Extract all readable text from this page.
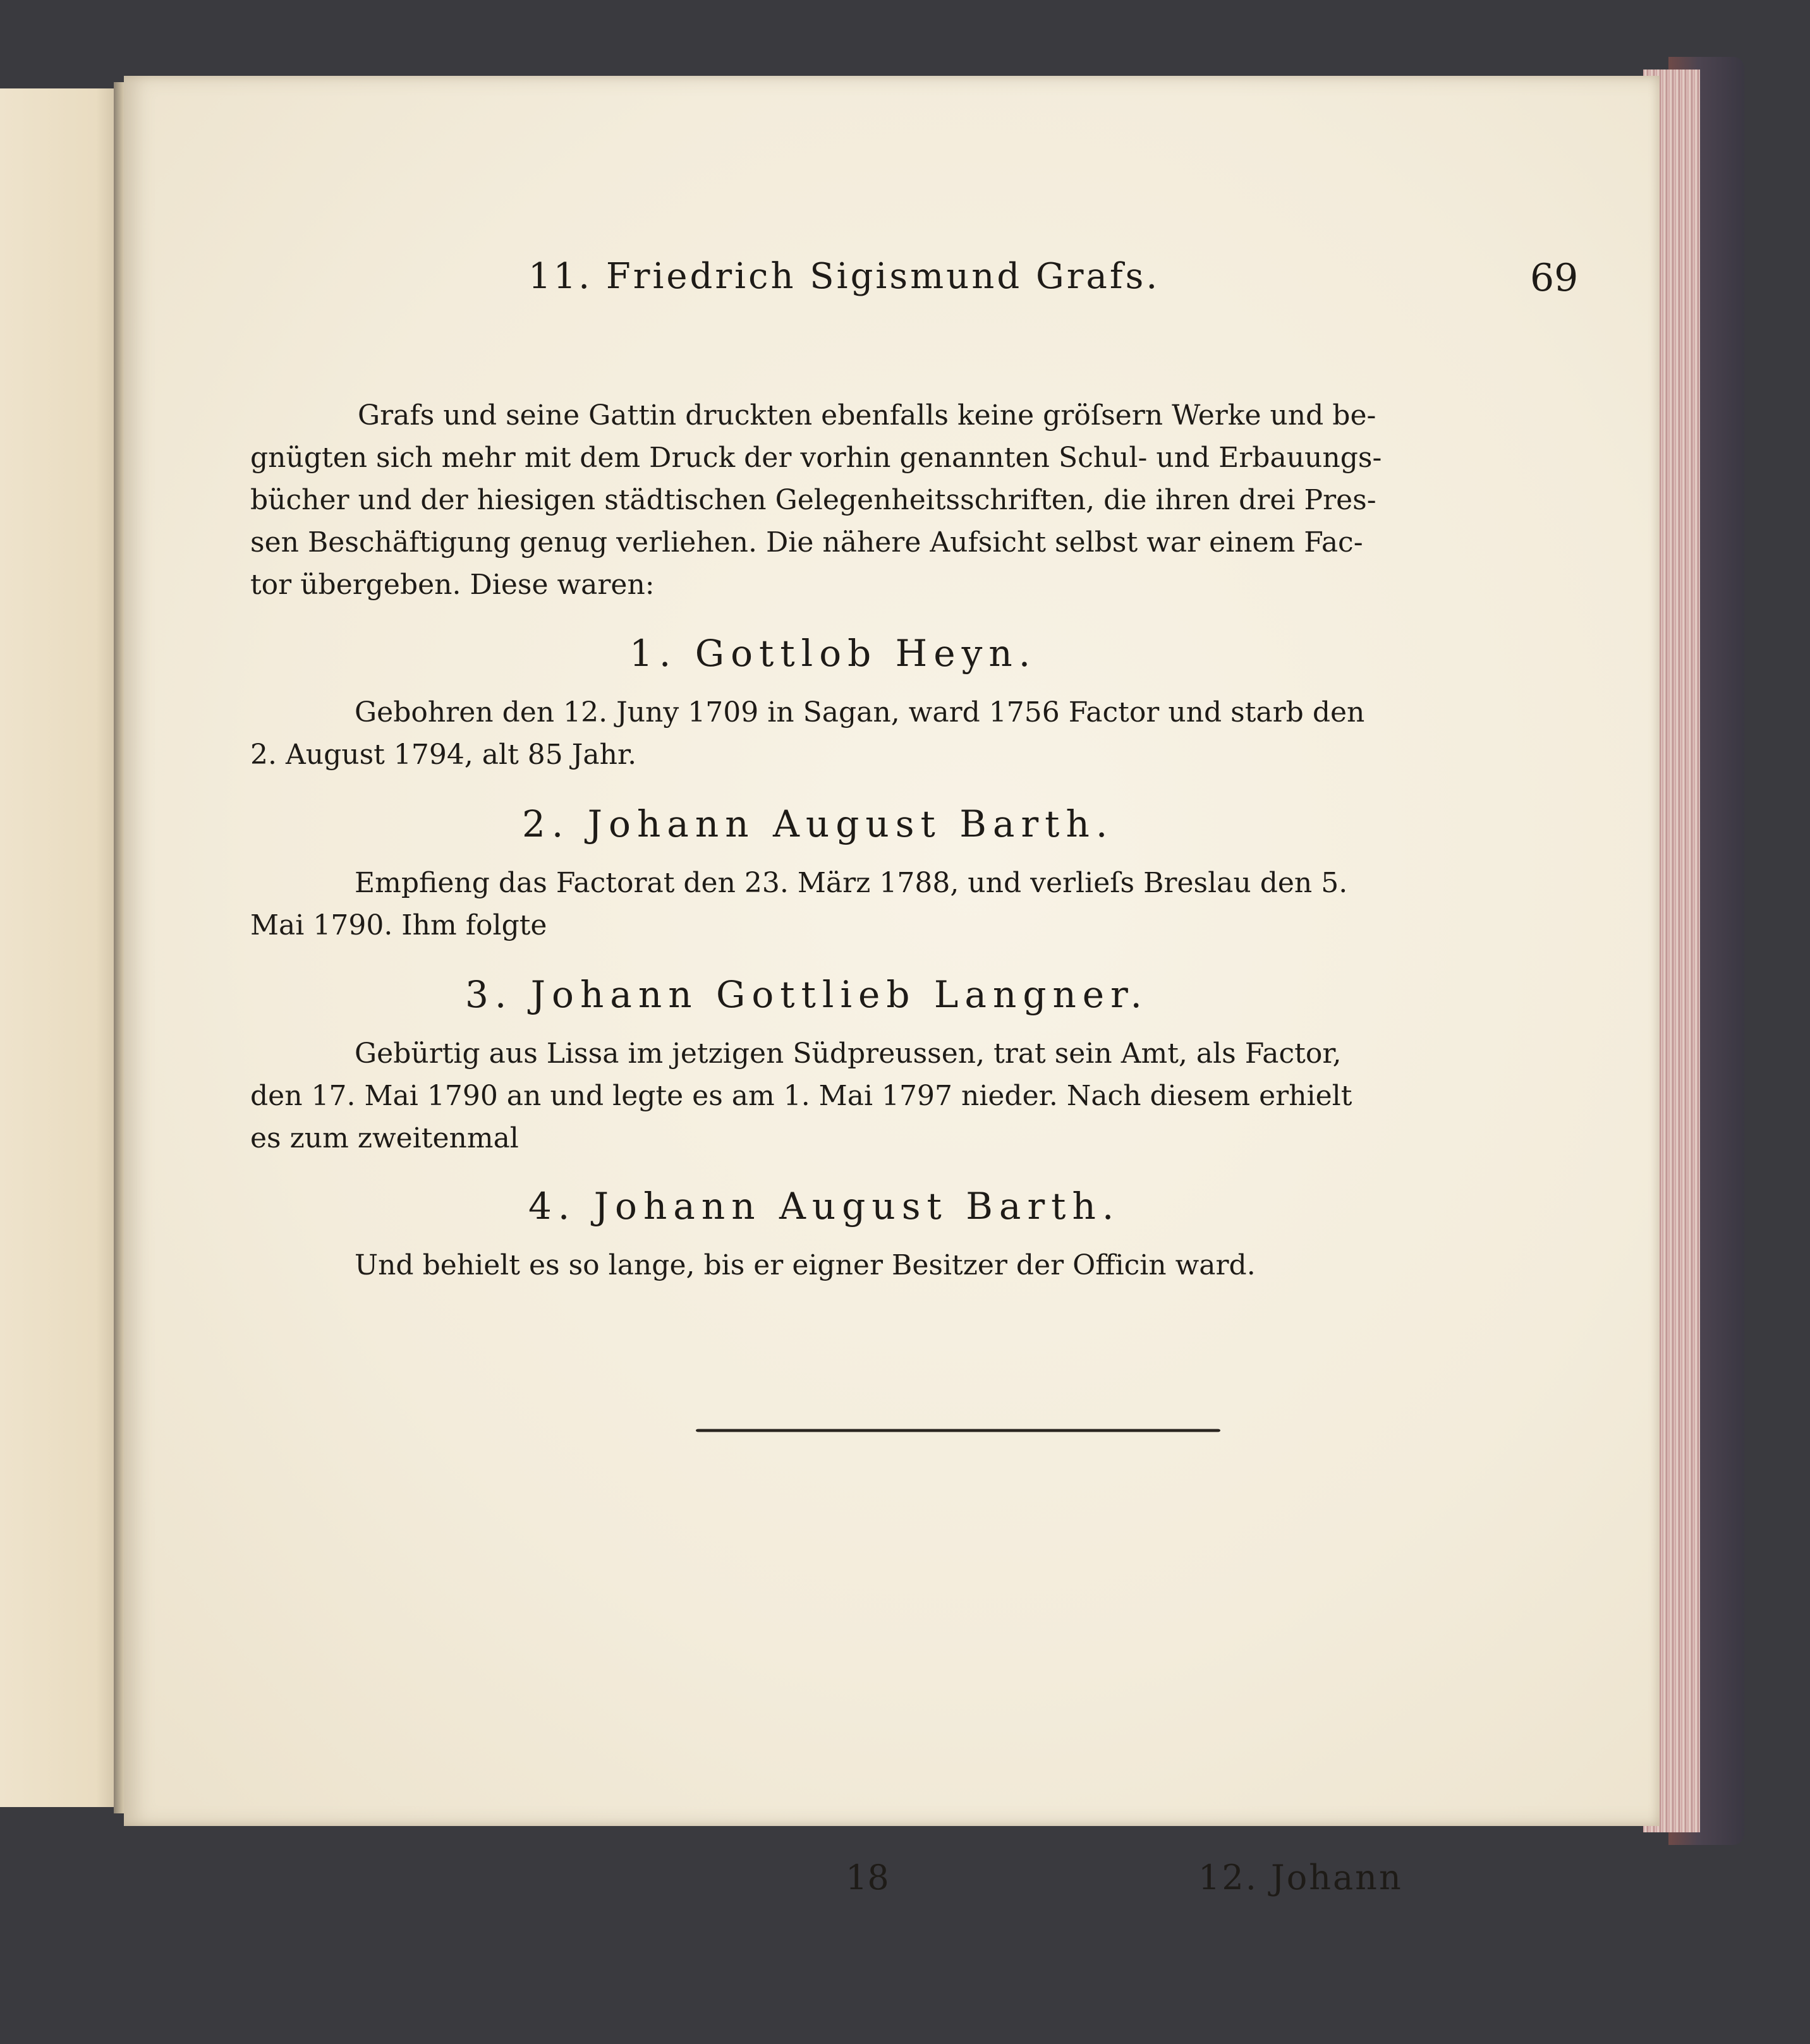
11. Friedrich Sigismund Grafs.	69
Grafs und seine Gattin druckten ebenfalls keine gröſsern Werke und be-
gnügten sich mehr mit dem Druck der vorhin genannten Schul- und Erbauungs-
bücher und der hiesigen städtischen Gelegenheitsschriften, die ihren drei Pres-
sen Beschäftigung genug verliehen. Die nähere Aufsicht selbst war einem Fac-
tor übergeben. Diese waren:
1. Gottlob Heyn.
Gebohren den 12. Juny 1709 in Sagan, ward 1756 Factor und starb den
2. August 1794, alt 85 Jahr.
2. Johann August Barth.
Empfieng das Factorat den 23. März 1788, und verlieſs Breslau den 5.
Mai 1790. Ihm folgte
3. Johann Gottlieb Langner.
Gebürtig aus Lissa im jetzigen Südpreussen, trat sein Amt, als Factor,
den 17. Mai 1790 an und legte es am 1. Mai 1797 nieder. Nach diesem erhielt
es zum zweitenmal
4. Johann August Barth.
Und behielt es so lange, bis er eigner Besitzer der Officin ward.
18	12. Johann
